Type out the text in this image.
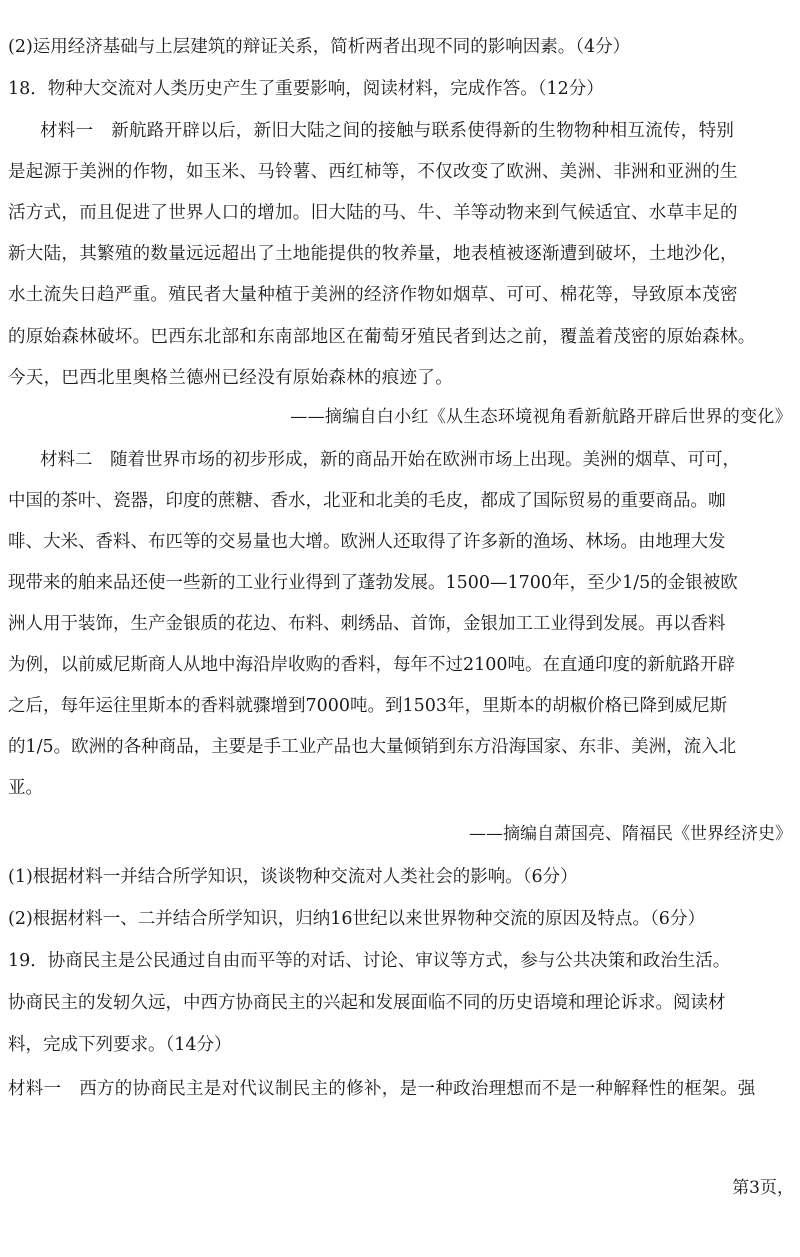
(2)运用经济基础与上层建筑的辩证关系，简析两者出现不同的影响因素。（4分）
18．物种大交流对人类历史产生了重要影响，阅读材料，完成作答。（12分）
材料一　新航路开辟以后，新旧大陆之间的接触与联系使得新的生物物种相互流传，特别
是起源于美洲的作物，如玉米、马铃薯、西红柿等，不仅改变了欧洲、美洲、非洲和亚洲的生
活方式，而且促进了世界人口的增加。旧大陆的马、牛、羊等动物来到气候适宜、水草丰足的
新大陆，其繁殖的数量远远超出了土地能提供的牧养量，地表植被逐渐遭到破坏，土地沙化，
水土流失日趋严重。殖民者大量种植于美洲的经济作物如烟草、可可、棉花等，导致原本茂密
的原始森林破坏。巴西东北部和东南部地区在葡萄牙殖民者到达之前，覆盖着茂密的原始森林。
今天，巴西北里奥格兰德州已经没有原始森林的痕迹了。
——摘编自白小红《从生态环境视角看新航路开辟后世界的变化》
材料二　随着世界市场的初步形成，新的商品开始在欧洲市场上出现。美洲的烟草、可可，
中国的茶叶、瓷器，印度的蔗糖、香水，北亚和北美的毛皮，都成了国际贸易的重要商品。咖
啡、大米、香料、布匹等的交易量也大增。欧洲人还取得了许多新的渔场、林场。由地理大发
现带来的舶来品还使一些新的工业行业得到了蓬勃发展。1500—1700年，至少1/5的金银被欧
洲人用于装饰，生产金银质的花边、布料、刺绣品、首饰，金银加工工业得到发展。再以香料
为例，以前威尼斯商人从地中海沿岸收购的香料，每年不过2100吨。在直通印度的新航路开辟
之后，每年运往里斯本的香料就骤增到7000吨。到1503年，里斯本的胡椒价格已降到威尼斯
的1/5。欧洲的各种商品，主要是手工业产品也大量倾销到东方沿海国家、东非、美洲，流入北
亚。
——摘编自萧国亮、隋福民《世界经济史》
(1)根据材料一并结合所学知识，谈谈物种交流对人类社会的影响。（6分）
(2)根据材料一、二并结合所学知识，归纳16世纪以来世界物种交流的原因及特点。（6分）
19．协商民主是公民通过自由而平等的对话、讨论、审议等方式，参与公共决策和政治生活。
协商民主的发轫久远，中西方协商民主的兴起和发展面临不同的历史语境和理论诉求。阅读材
料，完成下列要求。（14分）
材料一　西方的协商民主是对代议制民主的修补，是一种政治理想而不是一种解释性的框架。强
第3页，
